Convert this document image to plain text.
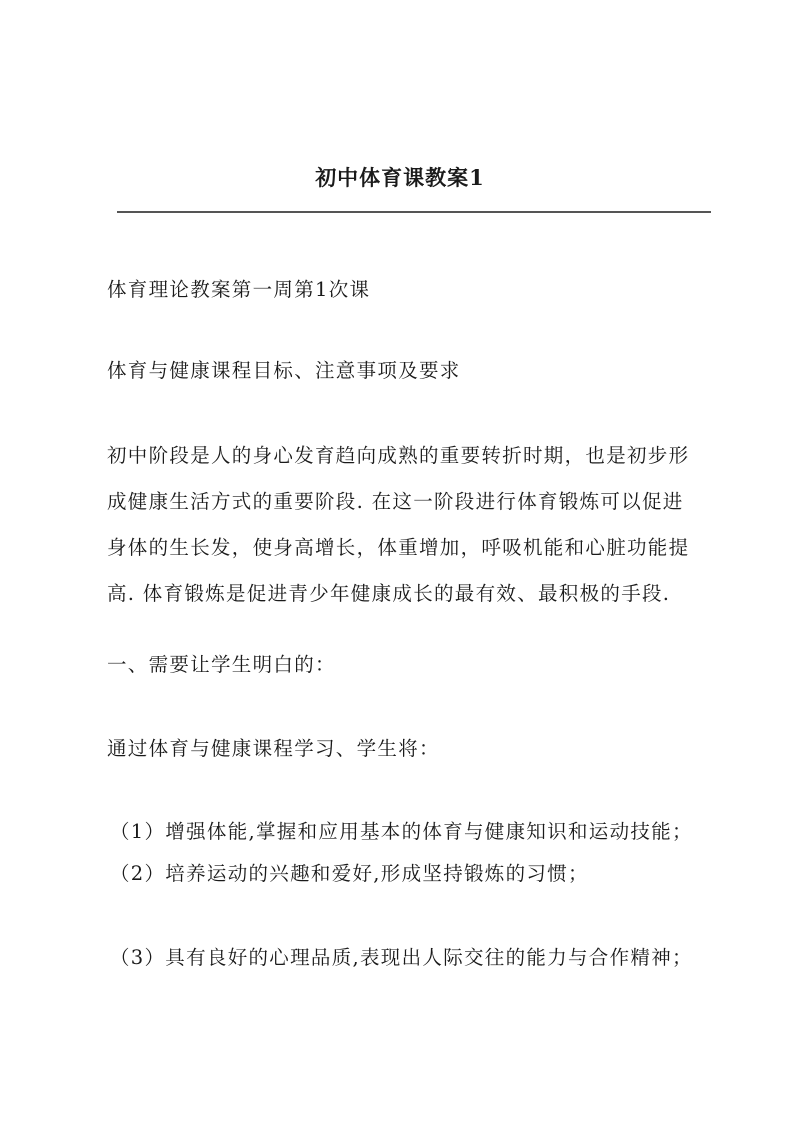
初中体育课教案1
体育理论教案第一周第1次课
体育与健康课程目标、注意事项及要求
初中阶段是人的身心发育趋向成熟的重要转折时期，也是初步形
成健康生活方式的重要阶段. 在这一阶段进行体育锻炼可以促进
身体的生长发，使身高增长，体重增加，呼吸机能和心脏功能提
高. 体育锻炼是促进青少年健康成长的最有效、最积极的手段.
一、需要让学生明白的：
通过体育与健康课程学习、学生将：
（1）增强体能,掌握和应用基本的体育与健康知识和运动技能；
（2）培养运动的兴趣和爱好,形成坚持锻炼的习惯；
（3）具有良好的心理品质,表现出人际交往的能力与合作精神；
